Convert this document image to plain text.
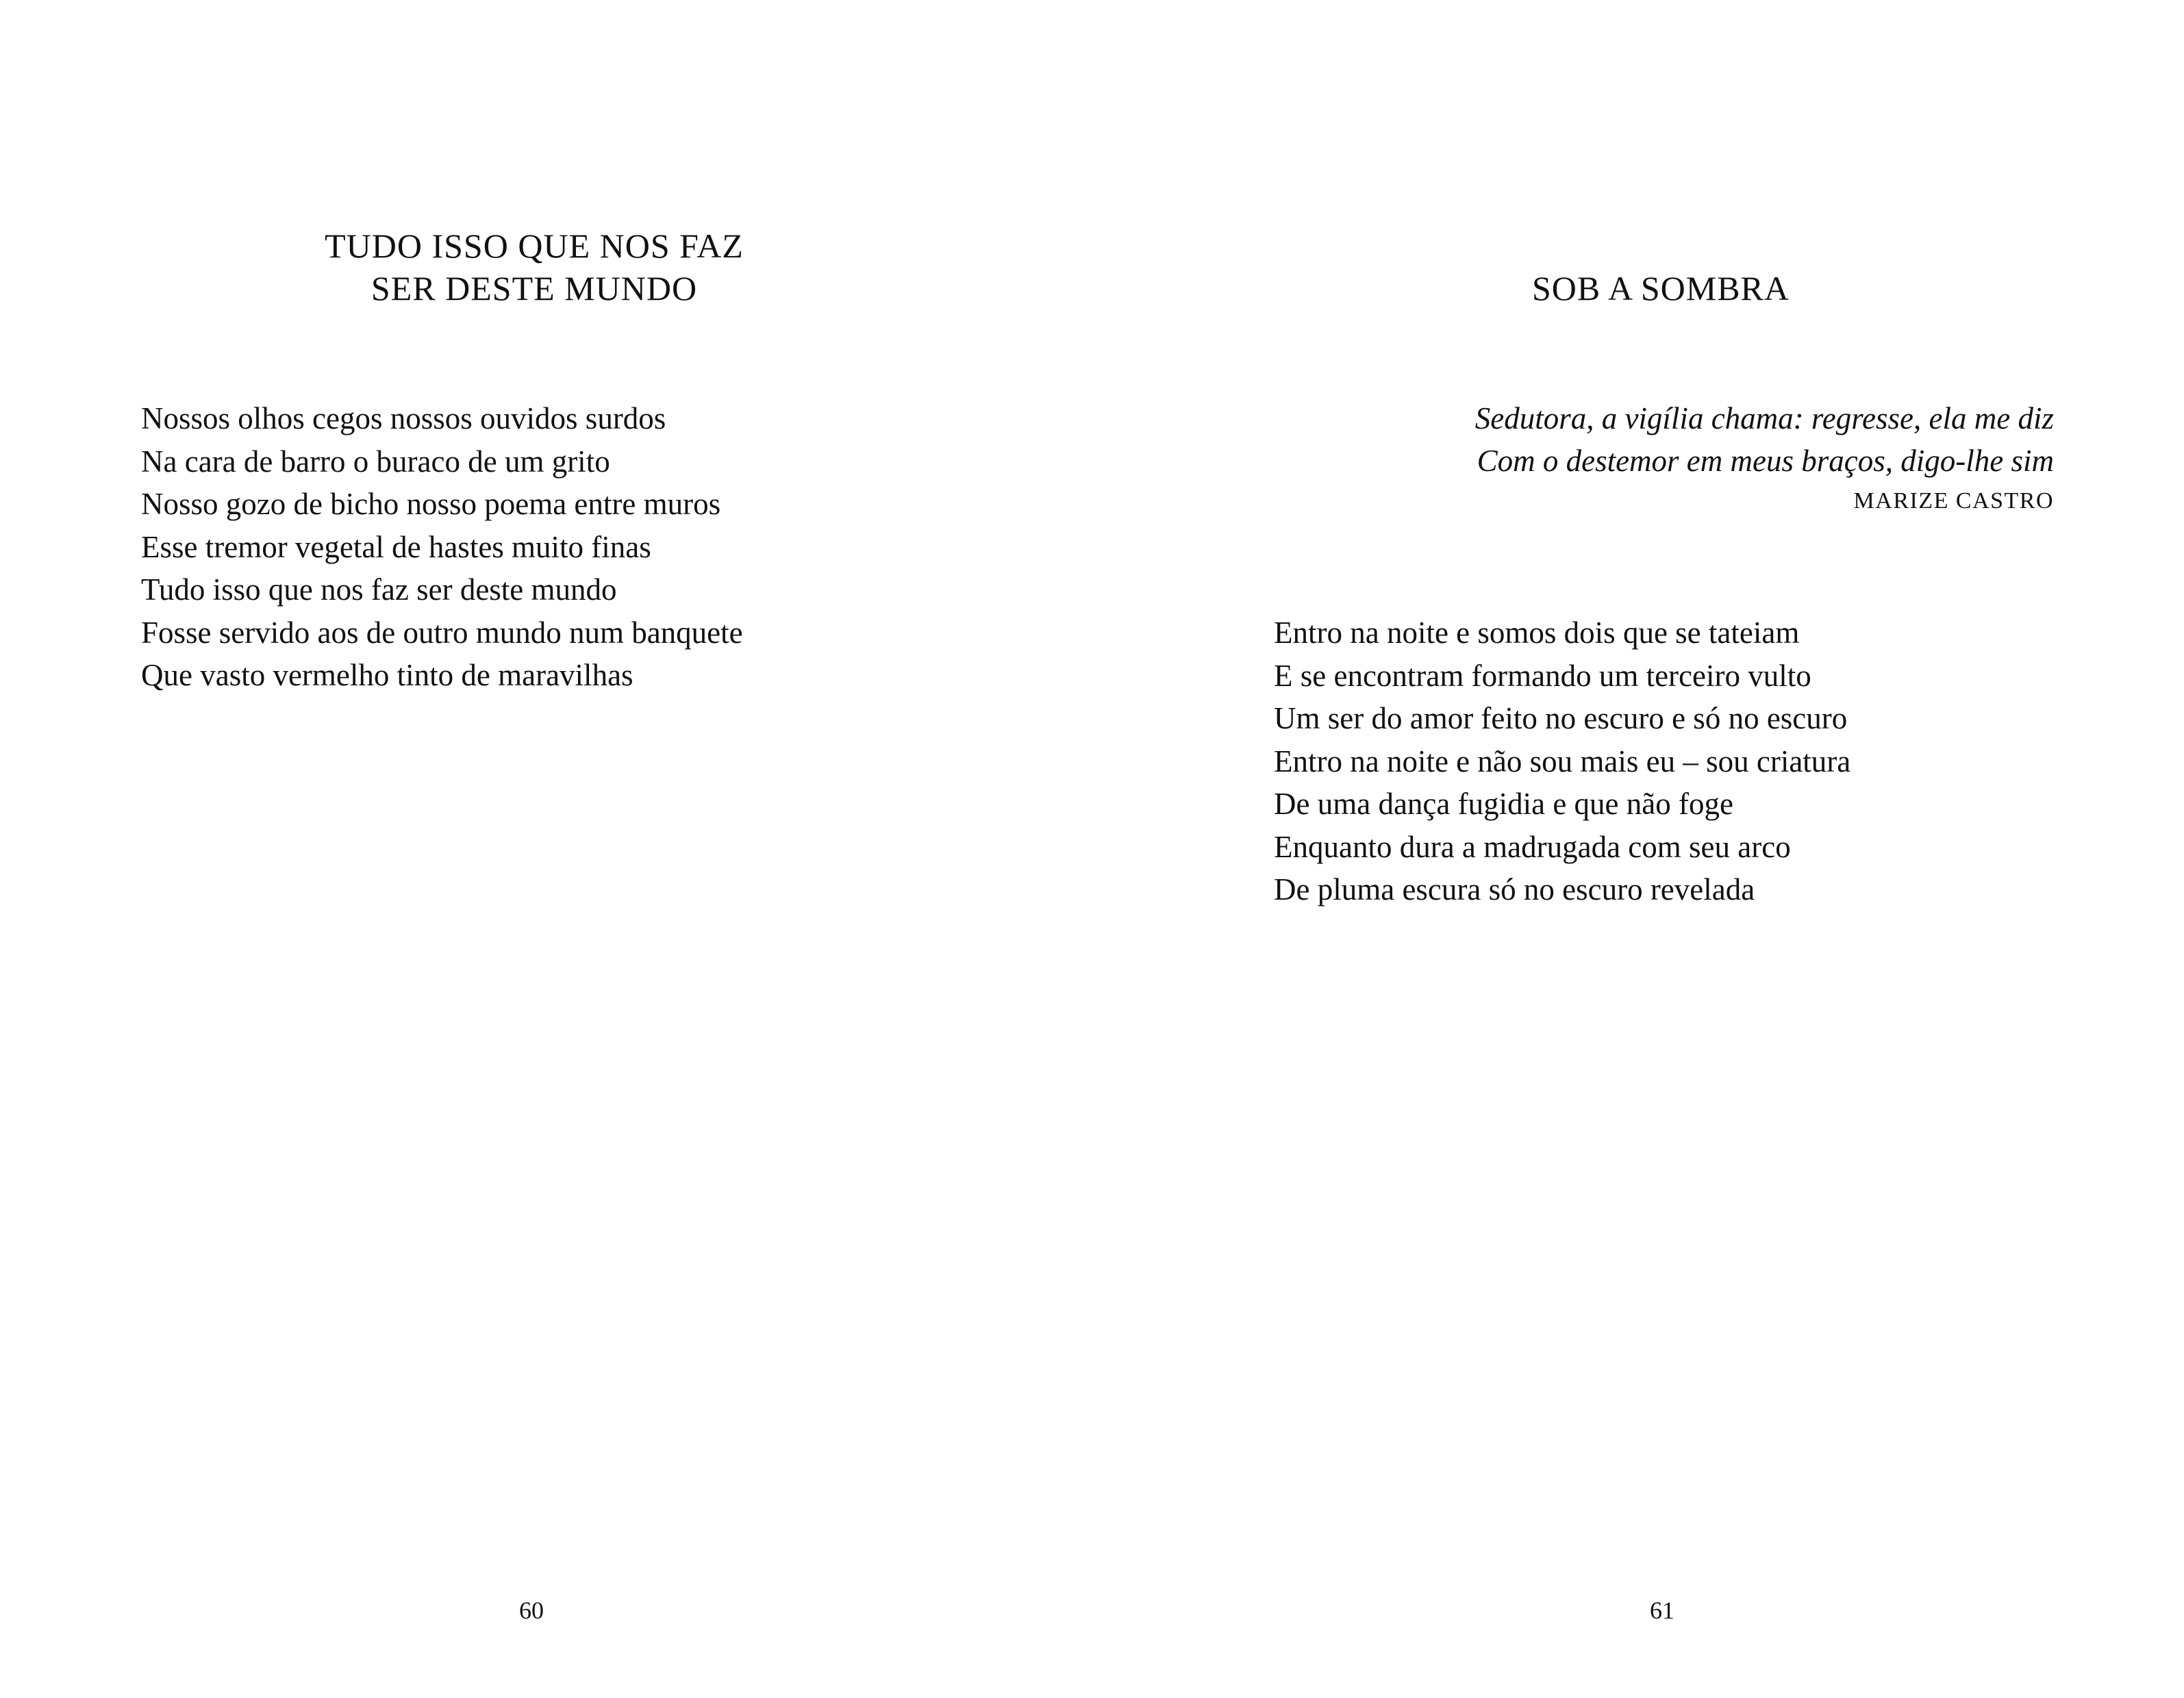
TUDO ISSO QUE NOS FAZ
SER DESTE MUNDO
Nossos olhos cegos nossos ouvidos surdos
Na cara de barro o buraco de um grito
Nosso gozo de bicho nosso poema entre muros
Esse tremor vegetal de hastes muito finas
Tudo isso que nos faz ser deste mundo
Fosse servido aos de outro mundo num banquete
Que vasto vermelho tinto de maravilhas
60
SOB A SOMBRA
Sedutora, a vigília chama: regresse, ela me diz
Com o destemor em meus braços, digo-lhe sim
MARIZE CASTRO
Entro na noite e somos dois que se tateiam
E se encontram formando um terceiro vulto
Um ser do amor feito no escuro e só no escuro
Entro na noite e não sou mais eu – sou criatura
De uma dança fugidia e que não foge
Enquanto dura a madrugada com seu arco
De pluma escura só no escuro revelada
61
